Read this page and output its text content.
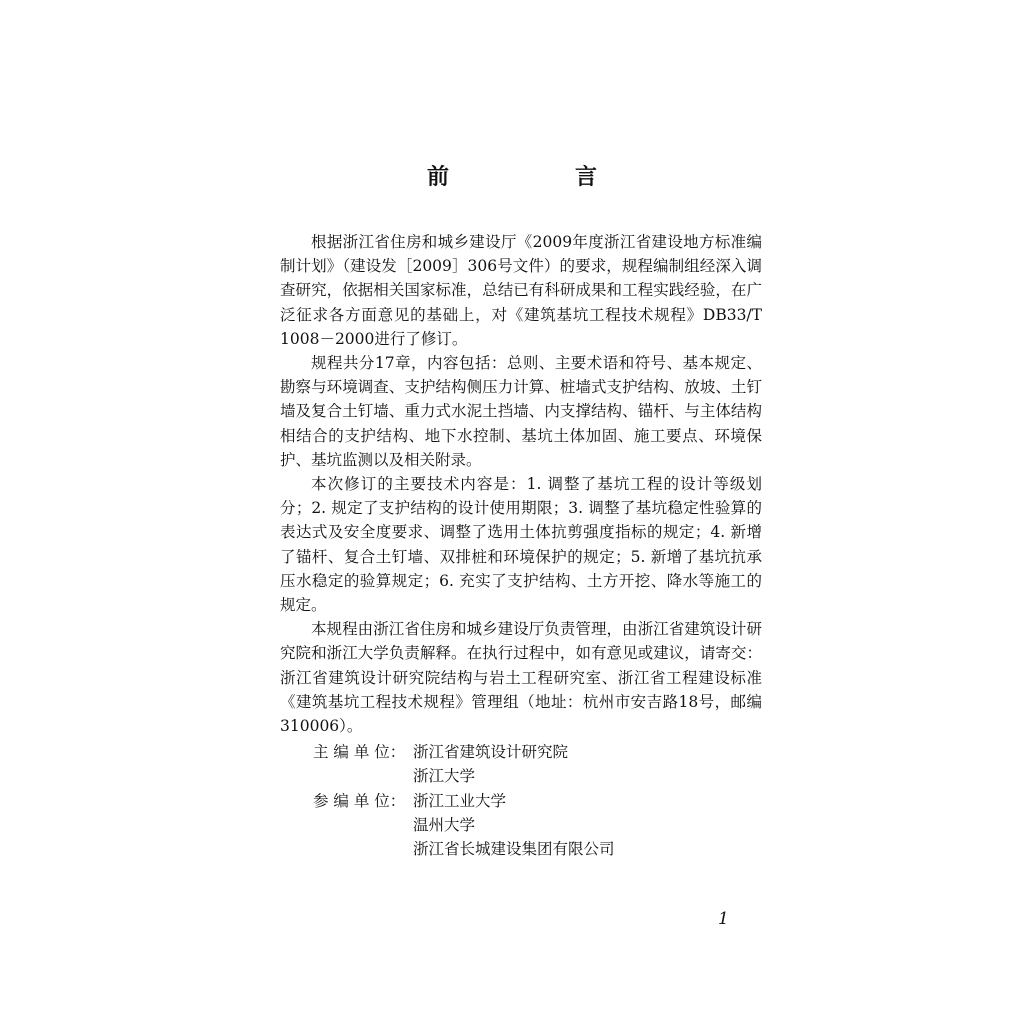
前　言

根据浙江省住房和城乡建设厅《2009年度浙江省建设地方标准编制计划》（建设发［2009］306号文件）的要求，规程编制组经深入调查研究，依据相关国家标准，总结已有科研成果和工程实践经验，在广泛征求各方面意见的基础上，对《建筑基坑工程技术规程》DB33/T 1008－2000进行了修订。

规程共分17章，内容包括：总则、主要术语和符号、基本规定、勘察与环境调查、支护结构侧压力计算、桩墙式支护结构、放坡、土钉墙及复合土钉墙、重力式水泥土挡墙、内支撑结构、锚杆、与主体结构相结合的支护结构、地下水控制、基坑土体加固、施工要点、环境保护、基坑监测以及相关附录。

本次修订的主要技术内容是：1. 调整了基坑工程的设计等级划分；2. 规定了支护结构的设计使用期限；3. 调整了基坑稳定性验算的表达式及安全度要求、调整了选用土体抗剪强度指标的规定；4. 新增了锚杆、复合土钉墙、双排桩和环境保护的规定；5. 新增了基坑抗承压水稳定的验算规定；6. 充实了支护结构、土方开挖、降水等施工的规定。

本规程由浙江省住房和城乡建设厅负责管理，由浙江省建筑设计研究院和浙江大学负责解释。在执行过程中，如有意见或建议，请寄交：浙江省建筑设计研究院结构与岩土工程研究室、浙江省工程建设标准《建筑基坑工程技术规程》管理组（地址：杭州市安吉路18号，邮编310006）。

主 编 单 位： 浙江省建筑设计研究院
浙江大学
参 编 单 位： 浙江工业大学
温州大学
浙江省长城建设集团有限公司
1
